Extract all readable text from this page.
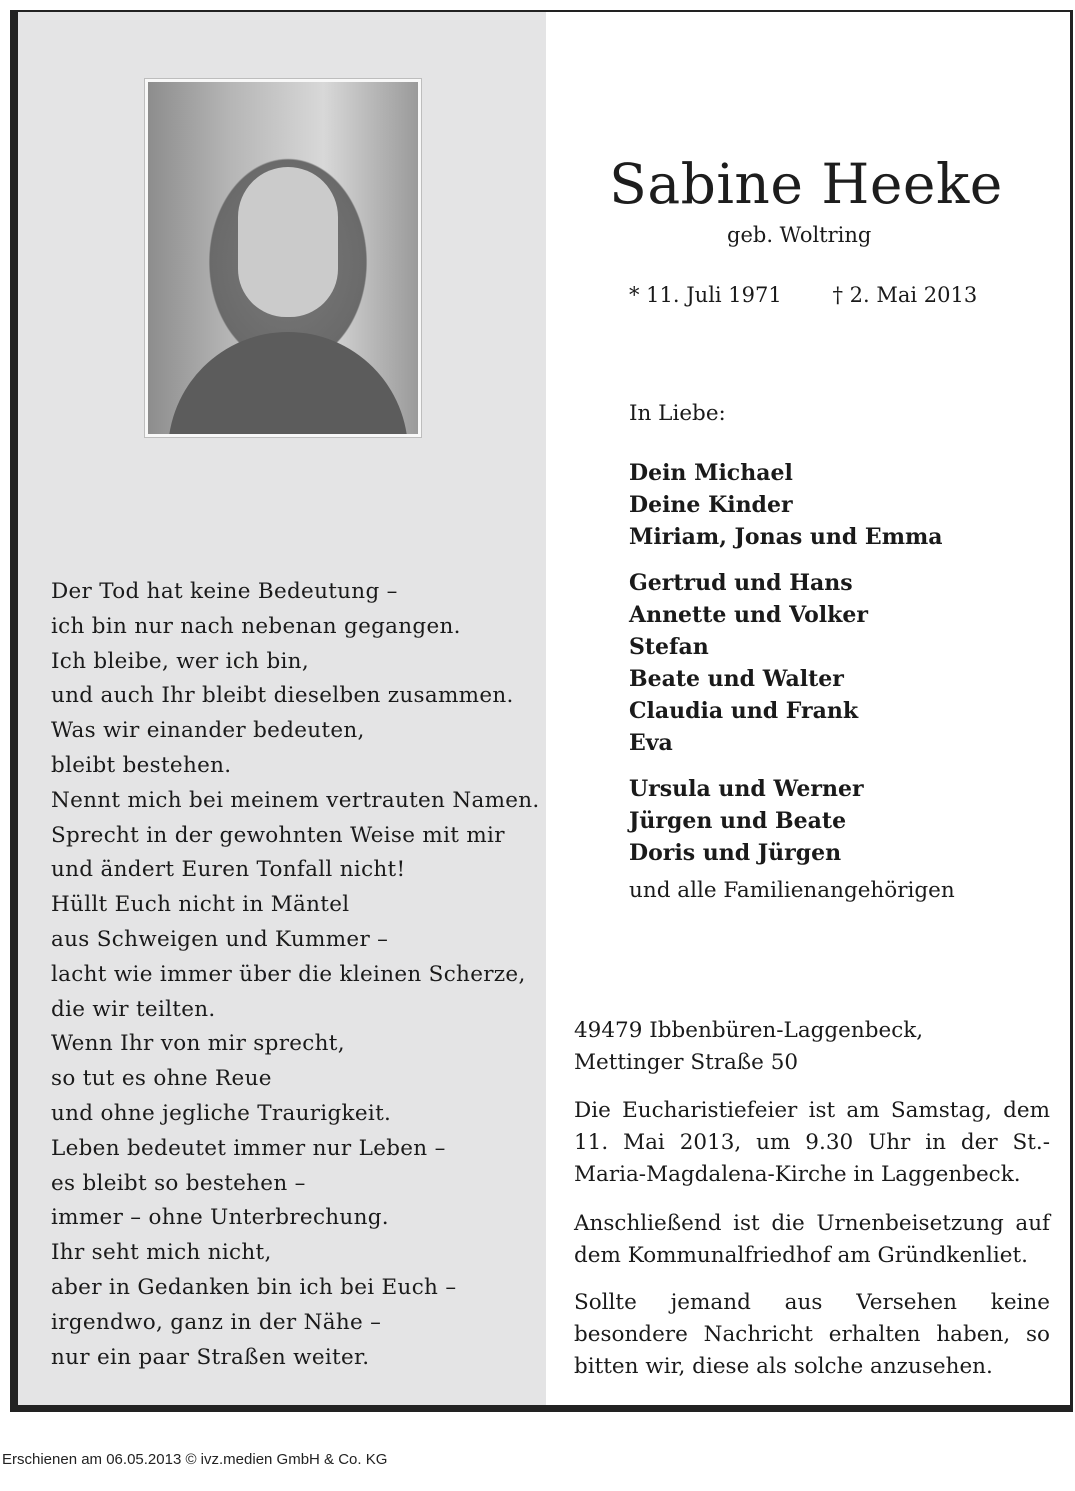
Der Tod hat keine Bedeutung –
ich bin nur nach nebenan gegangen.
Ich bleibe, wer ich bin,
und auch Ihr bleibt dieselben zusammen.
Was wir einander bedeuten,
bleibt bestehen.
Nennt mich bei meinem vertrauten Namen.
Sprecht in der gewohnten Weise mit mir
und ändert Euren Tonfall nicht!
Hüllt Euch nicht in Mäntel
aus Schweigen und Kummer –
lacht wie immer über die kleinen Scherze,
die wir teilten.
Wenn Ihr von mir sprecht,
so tut es ohne Reue
und ohne jegliche Traurigkeit.
Leben bedeutet immer nur Leben –
es bleibt so bestehen –
immer – ohne Unterbrechung.
Ihr seht mich nicht,
aber in Gedanken bin ich bei Euch –
irgendwo, ganz in der Nähe –
nur ein paar Straßen weiter.
Sabine Heeke
geb. Woltring
* 11. Juli 1971 † 2. Mai 2013
In Liebe:
Dein Michael
Deine Kinder
Miriam, Jonas und Emma
Gertrud und Hans
Annette und Volker
Stefan
Beate und Walter
Claudia und Frank
Eva
Ursula und Werner
Jürgen und Beate
Doris und Jürgen
und alle Familienangehörigen
49479 Ibbenbüren-Laggenbeck,
Mettinger Straße 50

Die Eucharistiefeier ist am Samstag, dem 11. Mai 2013, um 9.30 Uhr in der St.-Maria-Magdalena-Kirche in Laggenbeck.

Anschließend ist die Urnenbeisetzung auf dem Kommunalfriedhof am Gründkenliet.

Sollte jemand aus Versehen keine besondere Nachricht erhalten haben, so bitten wir, diese als solche anzusehen.

Erschienen am 06.05.2013 © ivz.medien GmbH & Co. KG
